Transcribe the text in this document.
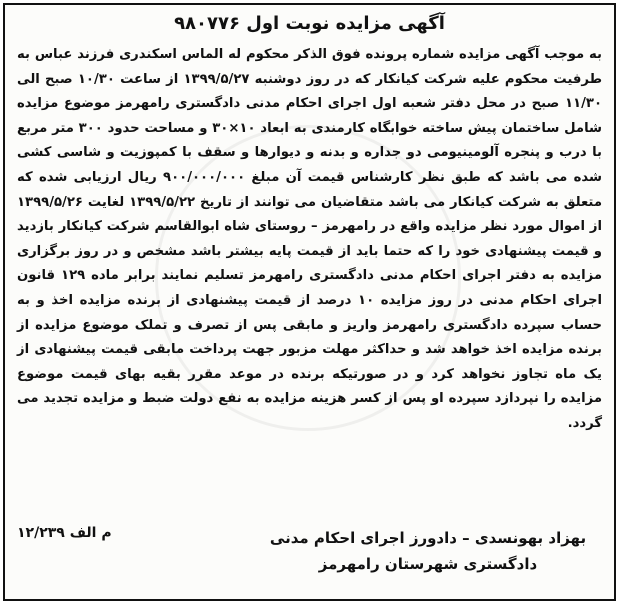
آگهی مزایده نوبت اول ۹۸۰۷۷۶
به موجب آگهی مزایده شماره پرونده فوق الذکر محکوم له الماس اسکندری فرزند عباس به طرفیت محکوم علیه شرکت کیانکار که در روز دوشنبه ۱۳۹۹/۵/۲۷ از ساعت ۱۰/۳۰ صبح الی ۱۱/۳۰ صبح در محل دفتر شعبه اول اجرای احکام مدنی دادگستری رامهرمز موضوع مزایده شامل ساختمان پیش ساخته خوابگاه کارمندی به ابعاد ۱۰×۳۰ و مساحت حدود ۳۰۰ متر مربع با درب و پنجره آلومینیومی دو جداره و بدنه و دیوارها و سقف با کمپوزیت و شاسی کشی شده می باشد که طبق نظر کارشناس قیمت آن مبلغ ۹۰۰/۰۰۰/۰۰۰ ریال ارزیابی شده که متعلق به شرکت کیانکار می باشد متقاضیان می توانند از تاریخ ۱۳۹۹/۵/۲۲ لغایت ۱۳۹۹/۵/۲۶ از اموال مورد نظر مزایده واقع در رامهرمز – روستای شاه ابوالقاسم شرکت کیانکار بازدید و قیمت پیشنهادی خود را که حتما باید از قیمت پایه بیشتر باشد مشخص و در روز برگزاری مزایده به دفتر اجرای احکام مدنی دادگستری رامهرمز تسلیم نمایند برابر ماده ۱۲۹ قانون اجرای احکام مدنی در روز مزایده ۱۰ درصد از قیمت پیشنهادی از برنده مزایده اخذ و به حساب سپرده دادگستری رامهرمز واریز و مابقی پس از تصرف و تملک موضوع مزایده از برنده مزایده اخذ خواهد شد و حداکثر مهلت مزبور جهت پرداخت مابقی قیمت پیشنهادی از یک ماه تجاوز نخواهد کرد و در صورتیکه برنده در موعد مقرر بقیه بهای قیمت موضوع مزایده را نپردازد سپرده او پس از کسر هزینه مزایده به نفع دولت ضبط و مزایده تجدید می گردد.
م الف ۱۲/۲۳۹	بهزاد بهونسدی – دادورز اجرای احکام مدنی
دادگستری شهرستان رامهرمز
